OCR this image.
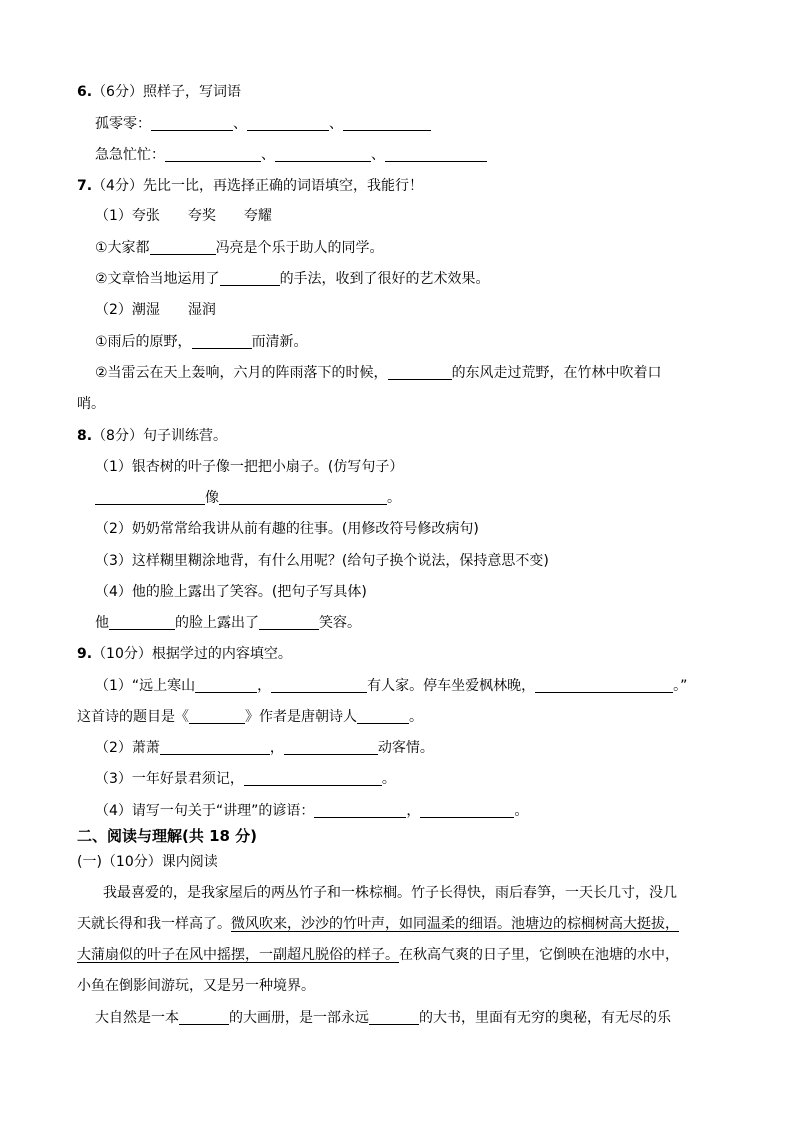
6.（6分）照样子，写词语
孤零零：	、	、
急急忙忙：	、	、
7.（4分）先比一比，再选择正确的词语填空，我能行！
（1）夸张　　夸奖　　夸耀
①大家都	冯亮是个乐于助人的同学。
②文章恰当地运用了	的手法，收到了很好的艺术效果。
（2）潮湿　　湿润
①雨后的原野，	而清新。
②当雷云在天上轰响，六月的阵雨落下的时候，	的东风走过荒野，在竹林中吹着口
哨。
8.（8分）句子训练营。
（1）银杏树的叶子像一把把小扇子。(仿写句子）
像	。
（2）奶奶常常给我讲从前有趣的往事。(用修改符号修改病句)
（3）这样糊里糊涂地背，有什么用呢？(给句子换个说法，保持意思不变)
（4）他的脸上露出了笑容。(把句子写具体)
他	的脸上露出了	笑容。
9.（10分）根据学过的内容填空。
（1）“远上寒山	，	有人家。停车坐爱枫林晚，	。”
这首诗的题目是《	》作者是唐朝诗人	。
（2）萧萧	，	动客情。
（3）一年好景君须记，	。
（4）请写一句关于“讲理”的谚语：	，	。
二、阅读与理解(共 18 分)
(一)（10分）课内阅读
我最喜爱的，是我家屋后的两丛竹子和一株棕榈。竹子长得快，雨后春笋，一天长几寸，没几
天就长得和我一样高了。微风吹来，沙沙的竹叶声，如同温柔的细语。池塘边的棕榈树高大挺拔，
大蒲扇似的叶子在风中摇摆，一副超凡脱俗的样子。在秋高气爽的日子里，它倒映在池塘的水中，
小鱼在倒影间游玩，又是另一种境界。
大自然是一本	的大画册，是一部永远	的大书，里面有无穷的奥秘，有无尽的乐
